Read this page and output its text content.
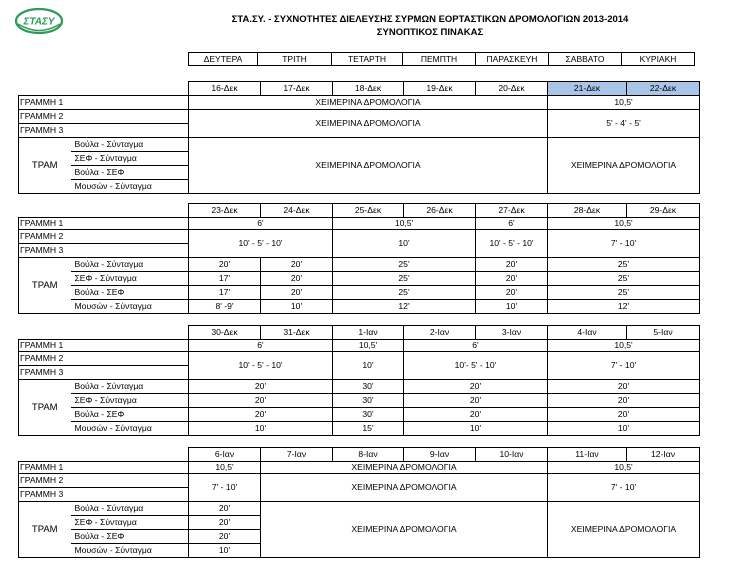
ΣΤΑΣΥ	ΣΤΑ.ΣΥ. - ΣΥΧΝΟΤΗΤΕΣ ΔΙΕΛΕΥΣΗΣ ΣΥΡΜΩΝ ΕΟΡΤΑΣΤΙΚΩΝ ΔΡΟΜΟΛΟΓΙΩΝ 2013-2014
ΣΥΝΟΠΤΙΚΟΣ ΠΙΝΑΚΑΣ
ΔΕΥΤΕΡΑ	ΤΡΙΤΗ	ΤΕΤΑΡΤΗ	ΠΕΜΠΤΗ	ΠΑΡΑΣΚΕΥΗ	ΣΑΒΒΑΤΟ	ΚΥΡΙΑΚΗ
		16-Δεκ	17-Δεκ	18-Δεκ	19-Δεκ	20-Δεκ	21-Δεκ	22-Δεκ
ΓΡΑΜΜΗ 1		ΧΕΙΜΕΡΙΝΑ ΔΡΟΜΟΛΟΓΙΑ					10,5'	
ΓΡΑΜΜΗ 2		ΧΕΙΜΕΡΙΝΑ ΔΡΟΜΟΛΟΓΙΑ					5' - 4' - 5'	
ΓΡΑΜΜΗ 3								
ΤΡΑΜ	Βούλα - Σύνταγμα	ΧΕΙΜΕΡΙΝΑ ΔΡΟΜΟΛΟΓΙΑ					ΧΕΙΜΕΡΙΝΑ ΔΡΟΜΟΛΟΓΙΑ	
	ΣΕΦ - Σύνταγμα							
	Βούλα - ΣΕΦ							
	Μουσών - Σύνταγμα							
		23-Δεκ	24-Δεκ	25-Δεκ	26-Δεκ	27-Δεκ	28-Δεκ	29-Δεκ
ΓΡΑΜΜΗ 1		6'		10,5'		6'	10,5'	
ΓΡΑΜΜΗ 2		10' - 5' - 10'		10'		10' - 5' - 10'	7' - 10'	
ΓΡΑΜΜΗ 3								
ΤΡΑΜ	Βούλα - Σύνταγμα	20'	20'	25'		20'	25'	
	ΣΕΦ - Σύνταγμα	17'	20'	25'		20'	25'	
	Βούλα - ΣΕΦ	17'	20'	25'		20'	25'	
	Μουσών - Σύνταγμα	8' -9'	10'	12'		10'	12'	
		30-Δεκ	31-Δεκ	1-Ιαν	2-Ιαν	3-Ιαν	4-Ιαν	5-Ιαν
ΓΡΑΜΜΗ 1		6'		10,5'	6'		10,5'	
ΓΡΑΜΜΗ 2		10' - 5' - 10'		10'	10'- 5' - 10'		7' - 10'	
ΓΡΑΜΜΗ 3								
ΤΡΑΜ	Βούλα - Σύνταγμα	20'		30'	20'		20'	
	ΣΕΦ - Σύνταγμα	20'		30'	20'		20'	
	Βούλα - ΣΕΦ	20'		30'	20'		20'	
	Μουσών - Σύνταγμα	10'		15'	10'		10'	
		6-Ιαν	7-Ιαν	8-Ιαν	9-Ιαν	10-Ιαν	11-Ιαν	12-Ιαν
ΓΡΑΜΜΗ 1		10,5'	ΧΕΙΜΕΡΙΝΑ ΔΡΟΜΟΛΟΓΙΑ				10,5'	
ΓΡΑΜΜΗ 2		7' - 10'	ΧΕΙΜΕΡΙΝΑ ΔΡΟΜΟΛΟΓΙΑ				7' - 10'	
ΓΡΑΜΜΗ 3								
ΤΡΑΜ	Βούλα - Σύνταγμα	20'	ΧΕΙΜΕΡΙΝΑ ΔΡΟΜΟΛΟΓΙΑ				ΧΕΙΜΕΡΙΝΑ ΔΡΟΜΟΛΟΓΙΑ	
	ΣΕΦ - Σύνταγμα	20'						
	Βούλα - ΣΕΦ	20'						
	Μουσών - Σύνταγμα	10'						
